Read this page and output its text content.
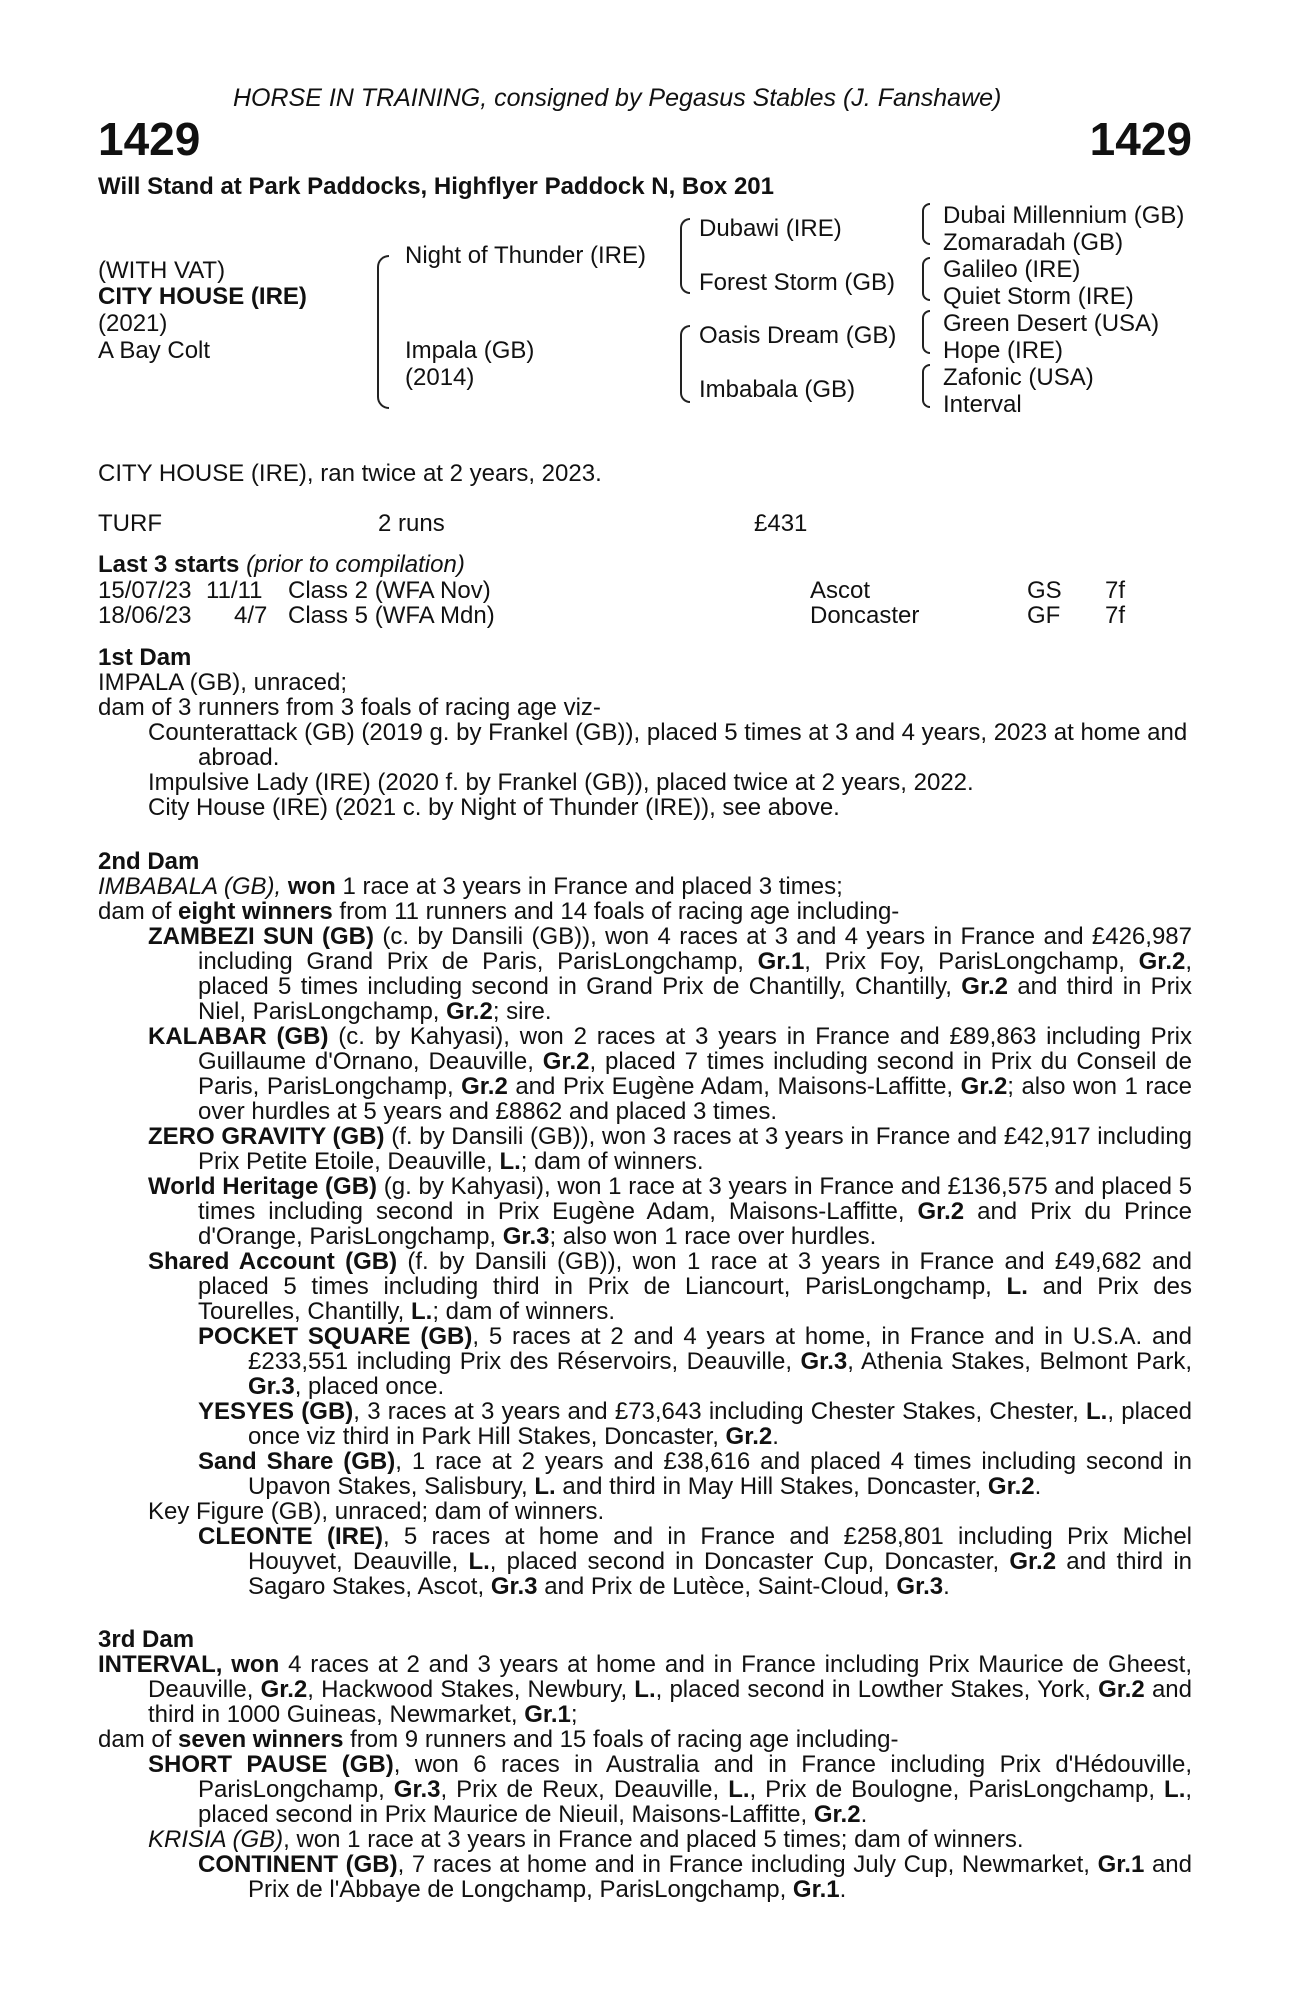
HORSE IN TRAINING, consigned by Pegasus Stables (J. Fanshawe)
1429	1429
Will Stand at Park Paddocks, Highflyer Paddock N, Box 201
(WITH VAT)
CITY HOUSE (IRE)
(2021)
A Bay Colt
Night of Thunder (IRE)
Impala (GB)
(2014)
Dubawi (IRE)
Forest Storm (GB)
Oasis Dream (GB)
Imbabala (GB)
Dubai Millennium (GB)
Zomaradah (GB)
Galileo (IRE)
Quiet Storm (IRE)
Green Desert (USA)
Hope (IRE)
Zafonic (USA)
Interval
CITY HOUSE (IRE), ran twice at 2 years, 2023.
TURF	2 runs	£431
Last 3 starts (prior to compilation)
15/07/23 11/11 Class 2 (WFA Nov)	Ascot	GS 7f
18/06/23 4/7 Class 5 (WFA Mdn)	Doncaster	GF 7f
1st Dam
IMPALA (GB), unraced;
dam of 3 runners from 3 foals of racing age viz-
Counterattack (GB) (2019 g. by Frankel (GB)), placed 5 times at 3 and 4 years, 2023 at home and abroad.
Impulsive Lady (IRE) (2020 f. by Frankel (GB)), placed twice at 2 years, 2022.
City House (IRE) (2021 c. by Night of Thunder (IRE)), see above.
2nd Dam
IMBABALA (GB), won 1 race at 3 years in France and placed 3 times;
dam of eight winners from 11 runners and 14 foals of racing age including-
ZAMBEZI SUN (GB) (c. by Dansili (GB)), won 4 races at 3 and 4 years in France and £426,987 including Grand Prix de Paris, ParisLongchamp, Gr.1, Prix Foy, ParisLongchamp, Gr.2, placed 5 times including second in Grand Prix de Chantilly, Chantilly, Gr.2 and third in Prix Niel, ParisLongchamp, Gr.2; sire.
KALABAR (GB) (c. by Kahyasi), won 2 races at 3 years in France and £89,863 including Prix Guillaume d'Ornano, Deauville, Gr.2, placed 7 times including second in Prix du Conseil de Paris, ParisLongchamp, Gr.2 and Prix Eugène Adam, Maisons-Laffitte, Gr.2; also won 1 race over hurdles at 5 years and £8862 and placed 3 times.
ZERO GRAVITY (GB) (f. by Dansili (GB)), won 3 races at 3 years in France and £42,917 including Prix Petite Etoile, Deauville, L.; dam of winners.
World Heritage (GB) (g. by Kahyasi), won 1 race at 3 years in France and £136,575 and placed 5 times including second in Prix Eugène Adam, Maisons-Laffitte, Gr.2 and Prix du Prince d'Orange, ParisLongchamp, Gr.3; also won 1 race over hurdles.
Shared Account (GB) (f. by Dansili (GB)), won 1 race at 3 years in France and £49,682 and placed 5 times including third in Prix de Liancourt, ParisLongchamp, L. and Prix des Tourelles, Chantilly, L.; dam of winners.
POCKET SQUARE (GB), 5 races at 2 and 4 years at home, in France and in U.S.A. and £233,551 including Prix des Réservoirs, Deauville, Gr.3, Athenia Stakes, Belmont Park, Gr.3, placed once.
YESYES (GB), 3 races at 3 years and £73,643 including Chester Stakes, Chester, L., placed once viz third in Park Hill Stakes, Doncaster, Gr.2.
Sand Share (GB), 1 race at 2 years and £38,616 and placed 4 times including second in Upavon Stakes, Salisbury, L. and third in May Hill Stakes, Doncaster, Gr.2.
Key Figure (GB), unraced; dam of winners.
CLEONTE (IRE), 5 races at home and in France and £258,801 including Prix Michel Houyvet, Deauville, L., placed second in Doncaster Cup, Doncaster, Gr.2 and third in Sagaro Stakes, Ascot, Gr.3 and Prix de Lutèce, Saint-Cloud, Gr.3.
3rd Dam
INTERVAL, won 4 races at 2 and 3 years at home and in France including Prix Maurice de Gheest, Deauville, Gr.2, Hackwood Stakes, Newbury, L., placed second in Lowther Stakes, York, Gr.2 and third in 1000 Guineas, Newmarket, Gr.1;
dam of seven winners from 9 runners and 15 foals of racing age including-
SHORT PAUSE (GB), won 6 races in Australia and in France including Prix d'Hédouville, ParisLongchamp, Gr.3, Prix de Reux, Deauville, L., Prix de Boulogne, ParisLongchamp, L., placed second in Prix Maurice de Nieuil, Maisons-Laffitte, Gr.2.
KRISIA (GB), won 1 race at 3 years in France and placed 5 times; dam of winners.
CONTINENT (GB), 7 races at home and in France including July Cup, Newmarket, Gr.1 and Prix de l'Abbaye de Longchamp, ParisLongchamp, Gr.1.
